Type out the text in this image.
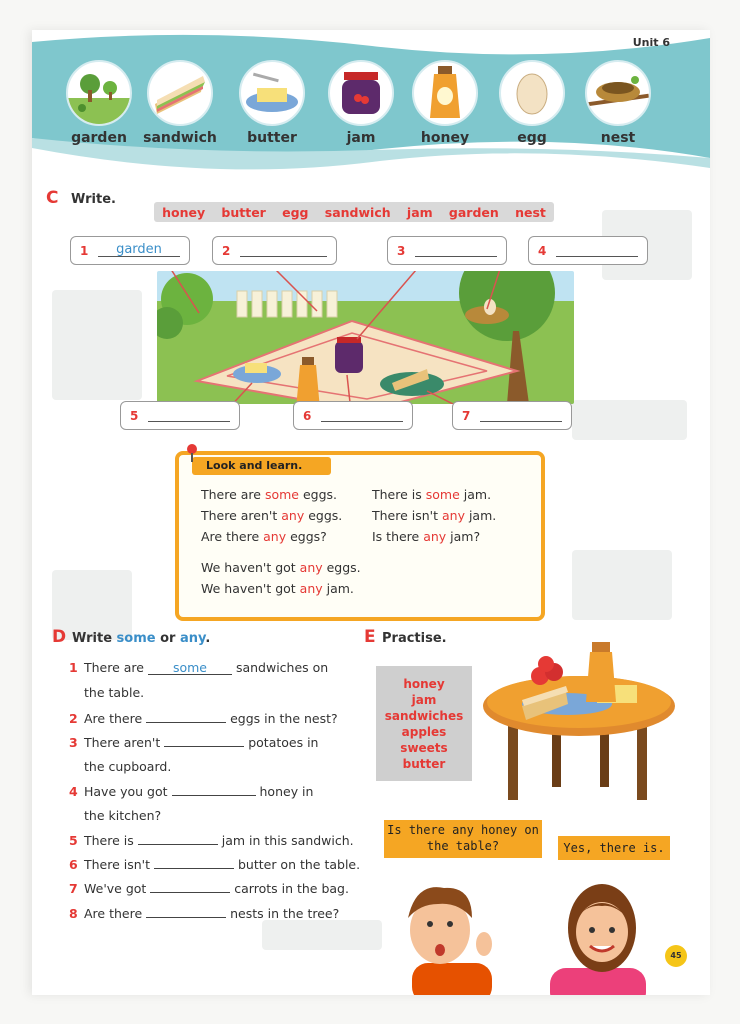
Unit 6
garden	sandwich	butter	jam	honey	egg	nest
C Write.
honey butter egg sandwich jam garden nest
1	garden	2	3	4
5	6	7
Look and learn.
There are some eggs.
There aren't any eggs.
Are there any eggs?
There is some jam.
There isn't any jam.
Is there any jam?
We haven't got any eggs.
We haven't got any jam.
D Write some or any.
1 There are some sandwiches on
the table.
2 Are there	eggs in the nest?
3 There aren't	potatoes in
the cupboard.
4 Have you got	honey in
the kitchen?
5 There is	jam in this sandwich.
6 There isn't	butter on the table.
7 We've got	carrots in the bag.
8 Are there	nests in the tree?
E Practise.
honey
jam
sandwiches
apples
sweets
butter
Is there any honey on the table?	Yes, there is.
45
